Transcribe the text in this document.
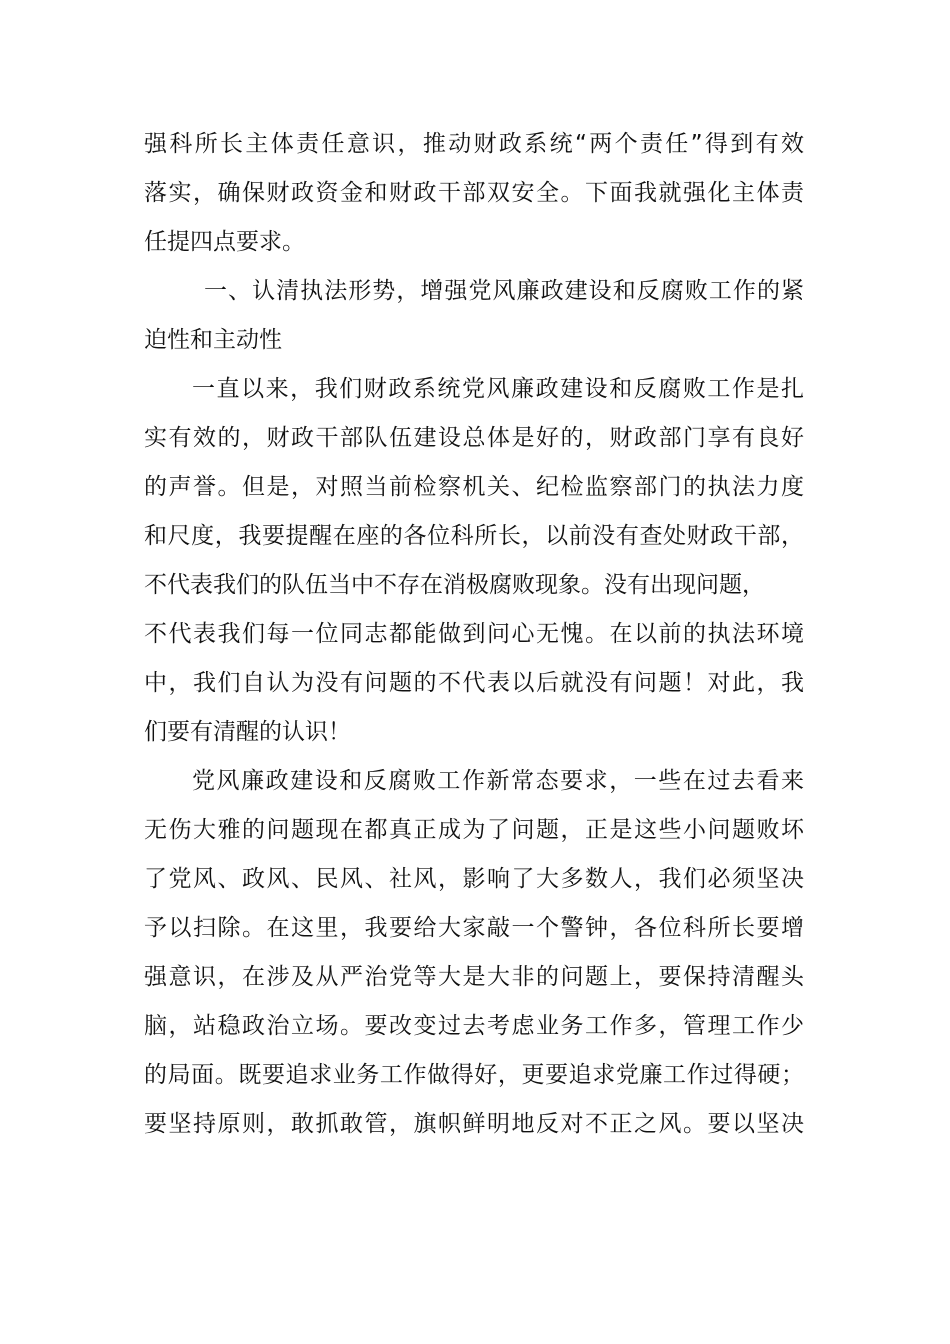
强科所长主体责任意识，推动财政系统“两个责任”得到有效
落实，确保财政资金和财政干部双安全。下面我就强化主体责
任提四点要求。
一、认清执法形势，增强党风廉政建设和反腐败工作的紧
迫性和主动性
一直以来，我们财政系统党风廉政建设和反腐败工作是扎
实有效的，财政干部队伍建设总体是好的，财政部门享有良好
的声誉。但是，对照当前检察机关、纪检监察部门的执法力度
和尺度，我要提醒在座的各位科所长，以前没有查处财政干部，
不代表我们的队伍当中不存在消极腐败现象。没有出现问题，
不代表我们每一位同志都能做到问心无愧。在以前的执法环境
中，我们自认为没有问题的不代表以后就没有问题！对此，我
们要有清醒的认识！
党风廉政建设和反腐败工作新常态要求，一些在过去看来
无伤大雅的问题现在都真正成为了问题，正是这些小问题败坏
了党风、政风、民风、社风，影响了大多数人，我们必须坚决
予以扫除。在这里，我要给大家敲一个警钟，各位科所长要增
强意识，在涉及从严治党等大是大非的问题上，要保持清醒头
脑，站稳政治立场。要改变过去考虑业务工作多，管理工作少
的局面。既要追求业务工作做得好，更要追求党廉工作过得硬；
要坚持原则，敢抓敢管，旗帜鲜明地反对不正之风。要以坚决
